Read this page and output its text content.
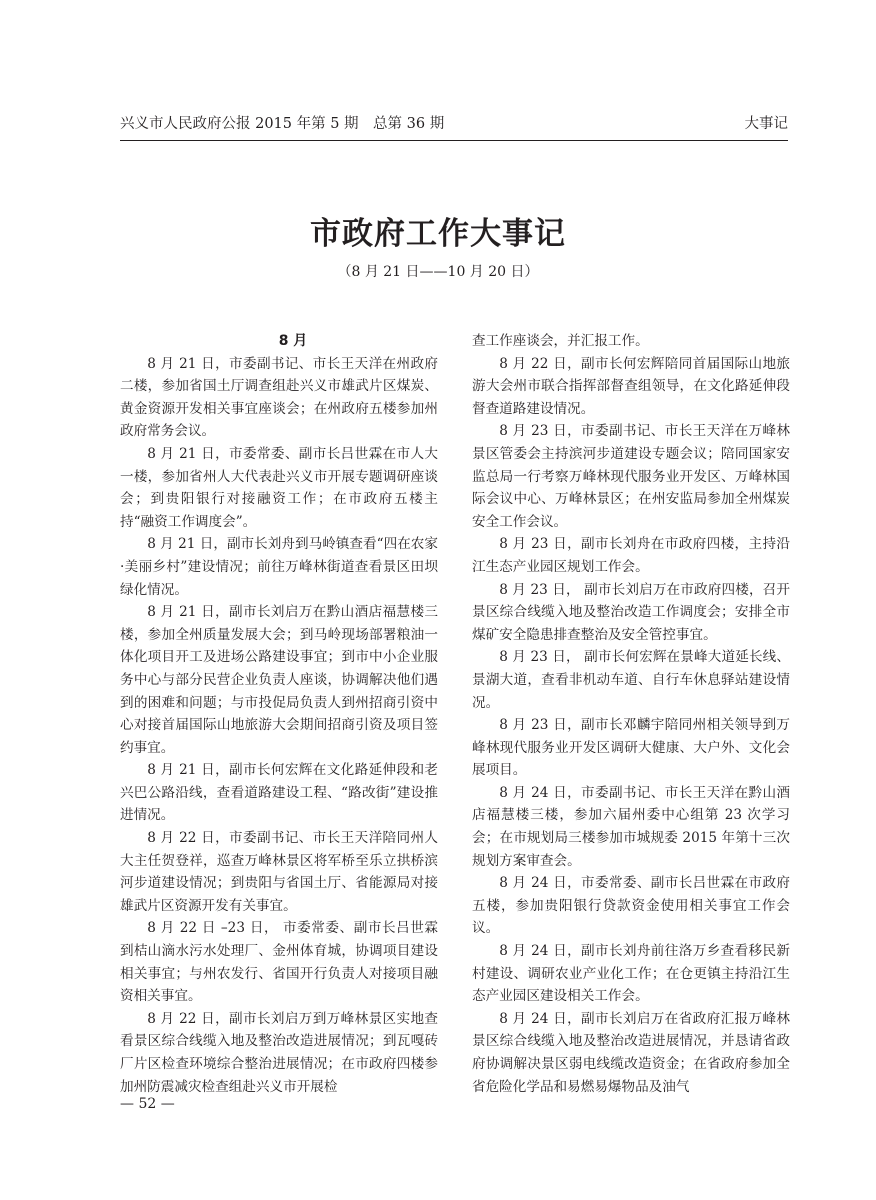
兴义市人民政府公报 2015 年第 5 期　总第 36 期	大事记
市政府工作大事记
（8 月 21 日——10 月 20 日）

8 月

8 月 21 日，市委副书记、市长王天洋在州政府二楼，参加省国土厅调查组赴兴义市雄武片区煤炭、黄金资源开发相关事宜座谈会；在州政府五楼参加州政府常务会议。

8 月 21 日，市委常委、副市长吕世霖在市人大一楼，参加省州人大代表赴兴义市开展专题调研座谈会；到贵阳银行对接融资工作；在市政府五楼主持“融资工作调度会”。

8 月 21 日，副市长刘舟到马岭镇查看“四在农家·美丽乡村”建设情况；前往万峰林街道查看景区田坝绿化情况。

8 月 21 日，副市长刘启万在黔山酒店福慧楼三楼，参加全州质量发展大会；到马岭现场部署粮油一体化项目开工及进场公路建设事宜；到市中小企业服务中心与部分民营企业负责人座谈，协调解决他们遇到的困难和问题；与市投促局负责人到州招商引资中心对接首届国际山地旅游大会期间招商引资及项目签约事宜。

8 月 21 日，副市长何宏辉在文化路延伸段和老兴巴公路沿线，查看道路建设工程、“路改街”建设推进情况。

8 月 22 日，市委副书记、市长王天洋陪同州人大主任贺登祥，巡查万峰林景区将军桥至乐立拱桥滨河步道建设情况；到贵阳与省国土厅、省能源局对接雄武片区资源开发有关事宜。

8 月 22 日 –23 日， 市委常委、副市长吕世霖到桔山滴水污水处理厂、金州体育城，协调项目建设相关事宜；与州农发行、省国开行负责人对接项目融资相关事宜。

8 月 22 日，副市长刘启万到万峰林景区实地查看景区综合线缆入地及整治改造进展情况；到瓦嘎砖厂片区检查环境综合整治进展情况；在市政府四楼参加州防震减灾检查组赴兴义市开展检

查工作座谈会，并汇报工作。

8 月 22 日，副市长何宏辉陪同首届国际山地旅游大会州市联合指挥部督查组领导，在文化路延伸段督查道路建设情况。

8 月 23 日，市委副书记、市长王天洋在万峰林景区管委会主持滨河步道建设专题会议；陪同国家安监总局一行考察万峰林现代服务业开发区、万峰林国际会议中心、万峰林景区；在州安监局参加全州煤炭安全工作会议。

8 月 23 日，副市长刘舟在市政府四楼，主持沿江生态产业园区规划工作会。

8 月 23 日， 副市长刘启万在市政府四楼，召开景区综合线缆入地及整治改造工作调度会；安排全市煤矿安全隐患排查整治及安全管控事宜。

8 月 23 日， 副市长何宏辉在景峰大道延长线、景湖大道，查看非机动车道、自行车休息驿站建设情况。

8 月 23 日，副市长邓麟宇陪同州相关领导到万峰林现代服务业开发区调研大健康、大户外、文化会展项目。

8 月 24 日，市委副书记、市长王天洋在黔山酒店福慧楼三楼，参加六届州委中心组第 23 次学习会；在市规划局三楼参加市城规委 2015 年第十三次规划方案审查会。

8 月 24 日，市委常委、副市长吕世霖在市政府五楼，参加贵阳银行贷款资金使用相关事宜工作会议。

8 月 24 日，副市长刘舟前往洛万乡查看移民新村建设、调研农业产业化工作；在仓更镇主持沿江生态产业园区建设相关工作会。

8 月 24 日，副市长刘启万在省政府汇报万峰林景区综合线缆入地及整治改造进展情况，并恳请省政府协调解决景区弱电线缆改造资金；在省政府参加全省危险化学品和易燃易爆物品及油气

— 52 —
